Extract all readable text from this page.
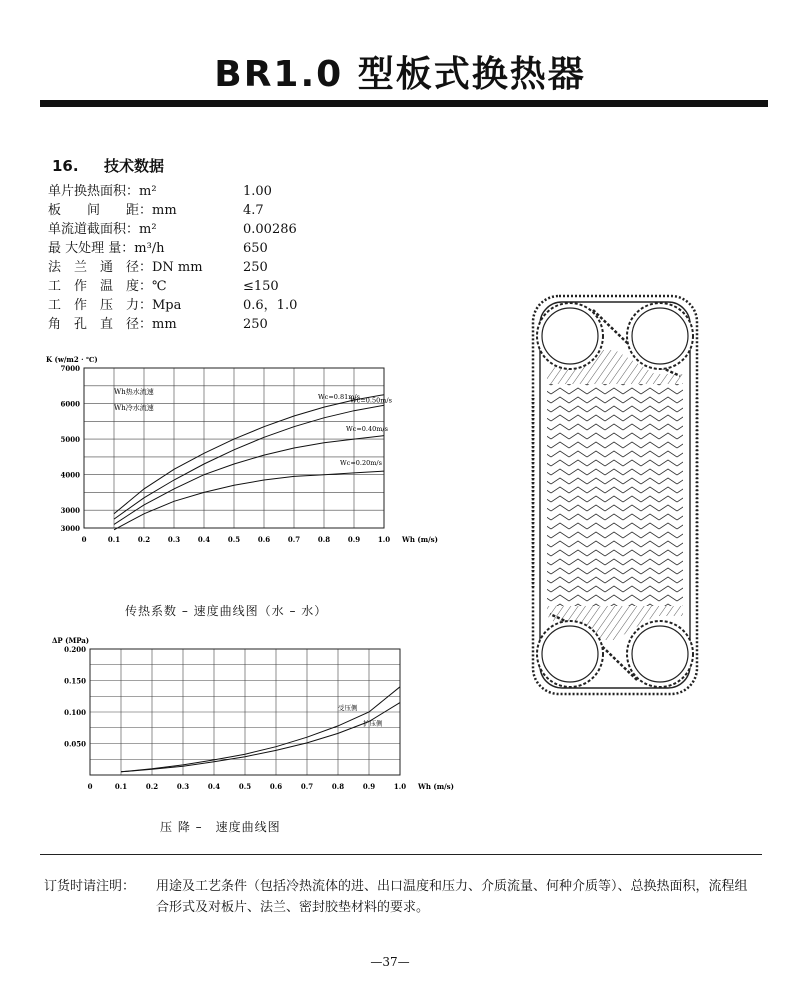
BR1.0 型板式换热器
16. 技术数据
单片换热面积：m²	1.00
板　　间　　距：mm	4.7
单流道截面积：m²	0.00286
最 大处理 量：m³/h	650
法　兰　通　径：DN mm	250
工　作　温　度：℃	≤150
工　作　压　力：Mpa	0.6，1.0
角　孔　直　径：mm	250
0	0.1	0.2	0.3	0.4	0.5	0.6	0.7	0.8	0.9	1.0
3000
3000
4000
5000
6000
7000
K (w/m2 · ℃)
Wh (m/s)
Wc=0.81m/s
Wc=0.50m/s
Wc=0.40m/s
Wc=0.20m/s
Wh热水流速
Wh冷水流速
传热系数 – 速度曲线图（水 – 水）
0	0.1	0.2	0.3	0.4	0.5	0.6	0.7	0.8	0.9	1.0
0.050
0.100
0.150
0.200
ΔP (MPa)
Wh (m/s)
受压侧
扩压侧
压 降 –　速度曲线图
订货时请注明： 用途及工艺条件（包括冷热流体的进、出口温度和压力、介质流量、何种介质等）、总换热面积，流程组合形式及对板片、法兰、密封胶垫材料的要求。
—37—
